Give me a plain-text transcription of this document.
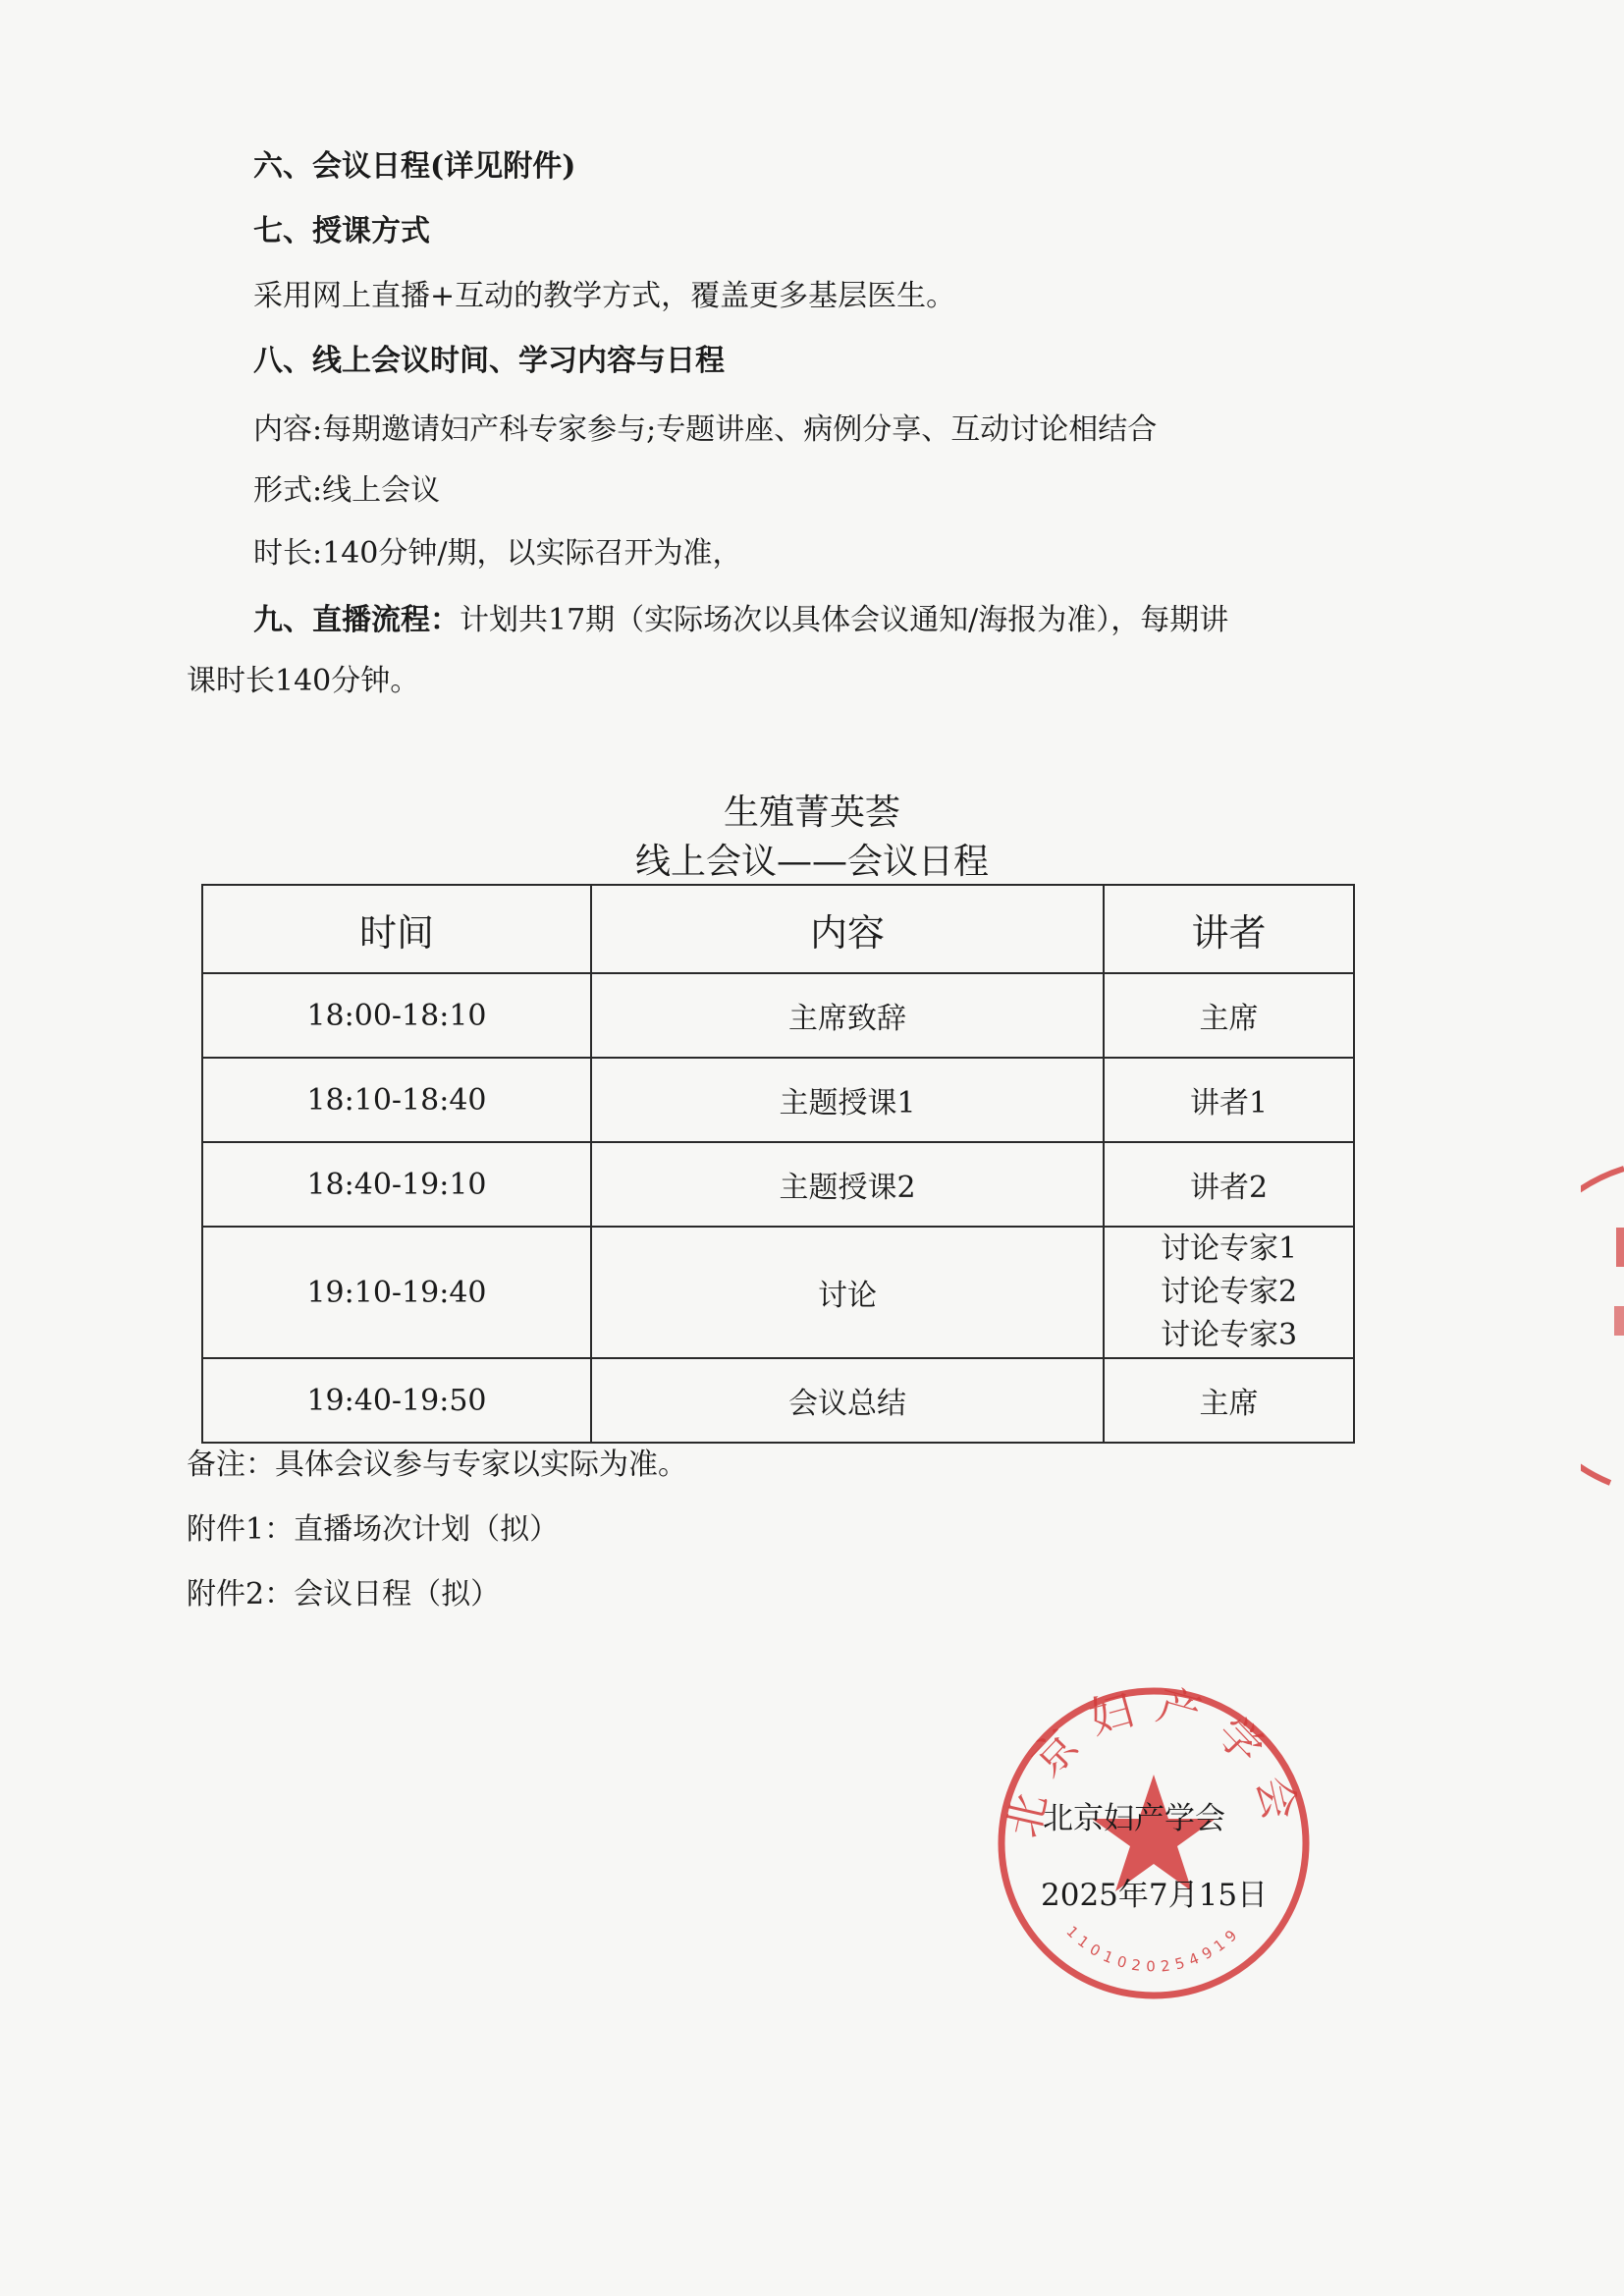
六、会议日程(详见附件)
七、授课方式
采用网上直播+互动的教学方式，覆盖更多基层医生。
八、线上会议时间、学习内容与日程
内容:每期邀请妇产科专家参与;专题讲座、病例分享、互动讨论相结合
形式:线上会议
时长:140分钟/期，以实际召开为准，
九、直播流程：计划共17期（实际场次以具体会议通知/海报为准），每期讲
课时长140分钟。
生殖菁英荟
线上会议——会议日程
时间	内容	讲者
18:00-18:10	主席致辞	主席
18:10-18:40	主题授课1	讲者1
18:40-19:10	主题授课2	讲者2
19:10-19:40	讨论	讨论专家1
讨论专家2
讨论专家3

19:40-19:50	会议总结	主席
备注：具体会议参与专家以实际为准。
附件1：直播场次计划（拟）
附件2：会议日程（拟）
北京妇产学会
1101020254919
北京妇产学会
2025年7月15日
